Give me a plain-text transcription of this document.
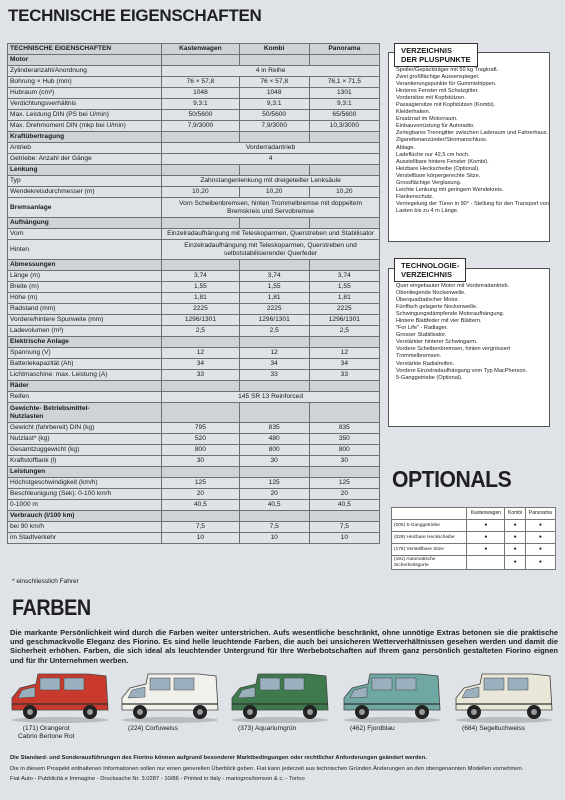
TECHNISCHE EIGENSCHAFTEN
TECHNISCHE EIGENSCHAFTEN	Kastenwagen	Kombi	Panorama
Motor			
Zylinderanzahl/Anordnung	4 in Reihe		
Bohrung × Hub (mm)	76 × 57,8	76 × 57,8	76,1 × 71,5
Hubraum (cm³)	1048	1048	1301
Verdichtungsverhältnis	9,3:1	9,3:1	9,3:1
Max. Leistung DIN (PS bei U/min)	50/5600	50/5600	65/5600
Max. Drehmoment DIN (mkp bei U/min)	7,9/3000	7,9/3000	10,3/3000
Kraftübertragung			
Antrieb	Vorderradantrieb		
Getriebe: Anzahl der Gänge	4		
Lenkung			
Typ	Zahnstangenlenkung mit dreigeteilter Lenksäule		
Wendekreisdurchmesser (m)	10,20	10,20	10,20
Bremsanlage	Vorn Scheibenbremsen, hinten Trommelbremse mit doppeltem Bremskreis und Servobremse		
Aufhängung			
Vorn	Einzelradaufhängung mit Teleskoparmen, Querstreben und Stabilisator		
Hinten	Einzelradaufhängung mit Teleskoparmen, Querstreben und selbststabilisierender Querfeder		
Abmessungen			
Länge (m)	3,74	3,74	3,74
Breite (m)	1,55	1,55	1,55
Höhe (m)	1,81	1,81	1,81
Radstand (mm)	2225	2225	2225
Vordere/hintere Spurweite (mm)	1296/1301	1296/1301	1296/1301
Ladevolumen (m³)	2,5	2,5	2,5
Elektrische Anlage			
Spannung (V)	12	12	12
Batteriekapazität (Ah)	34	34	34
Lichtmaschine: max. Leistung (A)	33	33	33
Räder			
Reifen	145 SR 13 Reinforced		
Gewichte- Betriebsmittel-
Nutzlasten			
Gewicht (fahrbereit) DIN (kg)	795	835	835
Nutzlast* (kg)	520	480	350
Gesamtzuggewicht (kg)	800	800	800
Kraftstofftank (l)	30	30	30
Leistungen			
Höchstgeschwindigkeit (km/h)	125	125	125
Beschleunigung (Sek): 0-100 km/h	20	20	20
0-1000 m	40,5	40,5	40,5
Verbrauch (l/100 km)			
bei 90 km/h	7,5	7,5	7,5
im Stadtverkehr	10	10	10
* einschliesslich Fahrer
Spoiler/Gepäckträger mit 50 kg Tragkraft.
Zwei großflächige Aussenspiegel.
Verankerungspunkte für Gummistrippen.
Hinteres Fenster mit Schutzgitter.
Vordersitze mit Kopfstützen.
Passagiersitze mit Kopfstützen (Kombi).
Kleiderhaken.
Ersatzrad im Motorraum.
Einbauvorrüstung für Autoradio.
Zerlegbares Trenngitter zwischen Laderaum und Fahrerhaus.
Zigarettenanzünder/Stromanschluss.
Ablage.
Ladeflüche nur 42,5 cm hoch.
Ausstellbare hintere Fenster (Kombi).
Heizbare Heckscheibe (Optional).
Verstellbare körpergerechte Sitze.
Grossflächige Verglasung.
Leichte Lenkung mit geringem Wendekreis.
Flankenschutz.
Verriegelung der Türen in 90° - Stellung für den Transport von
Lasten bis zu 4 m Länge.
VERZEICHNIS
DER PLUSPUNKTE
Quer eingebauter Motor mit Vorderradantrieb.
Obenliegende Nockenwelle.
Überquadratischer Motor.
Fünffach gelagerte Nockenwelle.
Schwingungsdämpfende Motoraufhängung.
Hintere Blattfeder mit vier Blättern.
"For Life" - Radlager.
Grosser Stabilisator.
Verstärkter hinterer Schwingarm.
Vordere Scheibenbremsen, hinten vergrössert
Trommelbremsen.
Verstärkte Radialreifen.
Vordere Einzelradaufhängung vom Typ MacPherson.
5-Ganggetriebe (Optional).
TECHNOLOGIE-
VERZEICHNIS
OPTIONALS
	Kastenwagen	Kombi	Panorama
(005) 5-Ganggetriebe	●	●	●
(029) Heizbare Heckscheibe	●	●	●
(178) Verstellbare Sitze	●	●	●
(191) Automatische Sicherheitsgurte		●	●
FARBEN
Die markante Persönlichkeit wird durch die Farben weiter unterstrichen. Aufs wesentliche beschränkt, ohne unnötige Extras betonen sie die praktische und geschmackvolle Eleganz des Fiorino. Es sind helle leuchtende Farben, die auch bei unsicheren Wetterverhältnissen gesehen werden und damit die Sicherheit erhöhen. Farben, die sich ideal als leuchtender Untergrund für Ihre Werbebotschaften auf Ihrem ganz persönlich gestalteten Fiorino eignen und für Ihr Unternehmen werben.
(171) Orangerot
Cabrio Bertone Rot
(224) Corfuweiss	(373) Aquariumgrün	(462) Fjordblau	(684) Segeltuchweiss
Die Standard- und Sonderausführungen des Fiorino können aufgrund besonderer Marktbedingungen oder rechtlicher Anforderungen geändert werden.
Die in diesem Prospekt enthaltenen Informationen sollen nur einen generellen Überblick geben. Fiat kann jederzeit aus technischen Gründen Änderungen an den obengenannten Modellen vornehmen.
Fiat Auto - Pubblicità e Immagine - Drucksache Nr. 3.0287 - 10/86 - Printed in Italy - mariogros/tomson & c. - Torino
